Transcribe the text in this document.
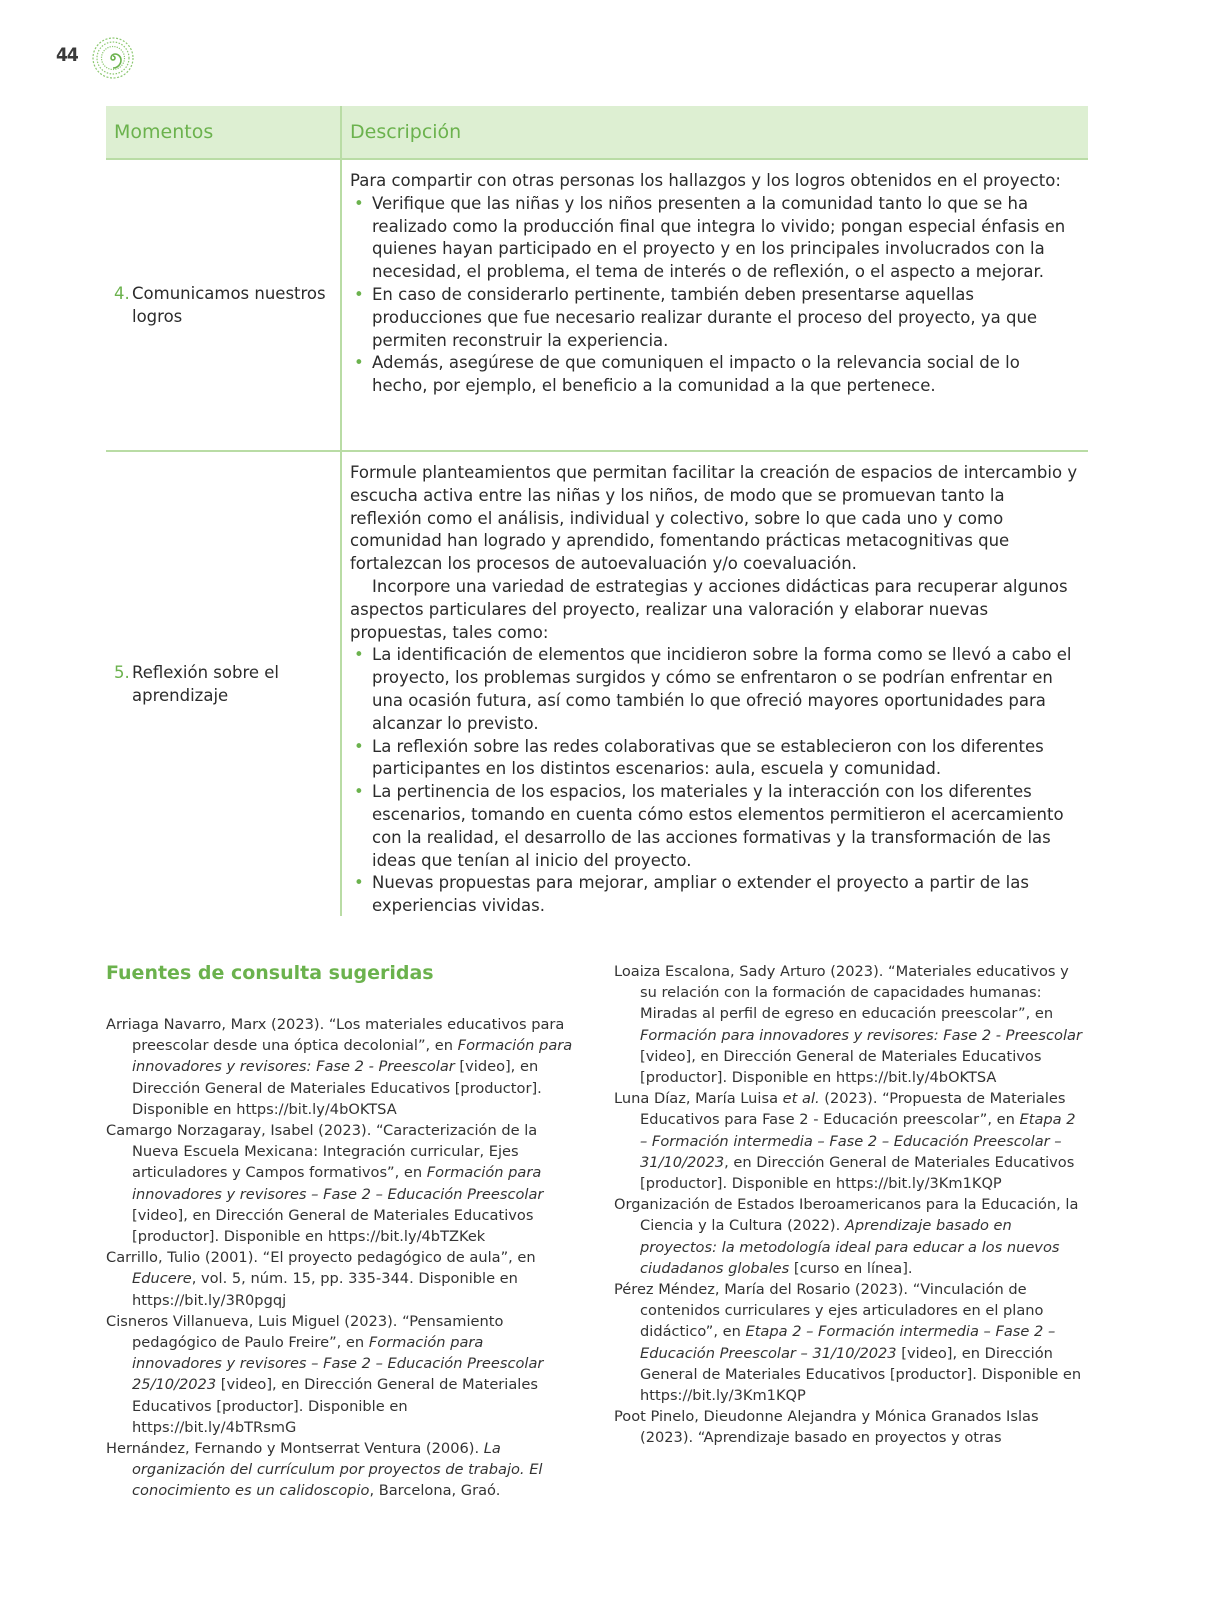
44
Momentos	Descripción
4. Comunicamos nuestros logros

Para compartir con otras personas los hallazgos y los logros obtenidos en el proyecto:

• Verifique que las niñas y los niños presenten a la comunidad tanto lo que se ha realizado como la producción final que integra lo vivido; pongan especial énfasis en quienes hayan participado en el proyecto y en los principales involucrados con la necesidad, el problema, el tema de interés o de reflexión, o el aspecto a mejorar.
• En caso de considerarlo pertinente, también deben presentarse aquellas producciones que fue necesario realizar durante el proceso del proyecto, ya que permiten reconstruir la experiencia.
• Además, asegúrese de que comuniquen el impacto o la relevancia social de lo hecho, por ejemplo, el beneficio a la comunidad a la que pertenece.
5. Reflexión sobre el aprendizaje

Formule planteamientos que permitan facilitar la creación de espacios de intercambio y escucha activa entre las niñas y los niños, de modo que se promuevan tanto la reflexión como el análisis, individual y colectivo, sobre lo que cada uno y como comunidad han logrado y aprendido, fomentando prácticas metacognitivas que fortalezcan los procesos de autoevaluación y/o coevaluación.

Incorpore una variedad de estrategias y acciones didácticas para recuperar algunos aspectos particulares del proyecto, realizar una valoración y elaborar nuevas propuestas, tales como:

• La identificación de elementos que incidieron sobre la forma como se llevó a cabo el proyecto, los problemas surgidos y cómo se enfrentaron o se podrían enfrentar en una ocasión futura, así como también lo que ofreció mayores oportunidades para alcanzar lo previsto.
• La reflexión sobre las redes colaborativas que se establecieron con los diferentes participantes en los distintos escenarios: aula, escuela y comunidad.
• La pertinencia de los espacios, los materiales y la interacción con los diferentes escenarios, tomando en cuenta cómo estos elementos permitieron el acercamiento con la realidad, el desarrollo de las acciones formativas y la transformación de las ideas que tenían al inicio del proyecto.
• Nuevas propuestas para mejorar, ampliar o extender el proyecto a partir de las experiencias vividas.
Fuentes de consulta sugeridas

Arriaga Navarro, Marx (2023). “Los materiales educativos para preescolar desde una óptica decolonial”, en Formación para innovadores y revisores: Fase 2 - Preescolar [video], en Dirección General de Materiales Educativos [productor]. Disponible en https://bit.ly/4bOKTSA

Camargo Norzagaray, Isabel (2023). “Caracterización de la Nueva Escuela Mexicana: Integración curricular, Ejes articuladores y Campos formativos”, en Formación para innovadores y revisores – Fase 2 – Educación Preescolar [video], en Dirección General de Materiales Educativos [productor]. Disponible en https://bit.ly/4bTZKek

Carrillo, Tulio (2001). “El proyecto pedagógico de aula”, en Educere, vol. 5, núm. 15, pp. 335-344. Disponible en https://bit.ly/3R0pgqj

Cisneros Villanueva, Luis Miguel (2023). “Pensamiento pedagógico de Paulo Freire”, en Formación para innovadores y revisores – Fase 2 – Educación Preescolar 25/10/2023 [video], en Dirección General de Materiales Educativos [productor]. Disponible en https://bit.ly/4bTRsmG

Hernández, Fernando y Montserrat Ventura (2006). La organización del currículum por proyectos de trabajo. El conocimiento es un calidoscopio, Barcelona, Graó.

Loaiza Escalona, Sady Arturo (2023). “Materiales educativos y su relación con la formación de capacidades humanas: Miradas al perfil de egreso en educación preescolar”, en Formación para innovadores y revisores: Fase 2 - Preescolar [video], en Dirección General de Materiales Educativos [productor]. Disponible en https://bit.ly/4bOKTSA

Luna Díaz, María Luisa et al. (2023). “Propuesta de Materiales Educativos para Fase 2 - Educación preescolar”, en Etapa 2 – Formación intermedia – Fase 2 – Educación Preescolar – 31/10/2023, en Dirección General de Materiales Educativos [productor]. Disponible en https://bit.ly/3Km1KQP

Organización de Estados Iberoamericanos para la Educación, la Ciencia y la Cultura (2022). Aprendizaje basado en proyectos: la metodología ideal para educar a los nuevos ciudadanos globales [curso en línea].

Pérez Méndez, María del Rosario (2023). “Vinculación de contenidos curriculares y ejes articuladores en el plano didáctico”, en Etapa 2 – Formación intermedia – Fase 2 – Educación Preescolar – 31/10/2023 [video], en Dirección General de Materiales Educativos [productor]. Disponible en https://bit.ly/3Km1KQP

Poot Pinelo, Dieudonne Alejandra y Mónica Granados Islas (2023). “Aprendizaje basado en proyectos y otras
